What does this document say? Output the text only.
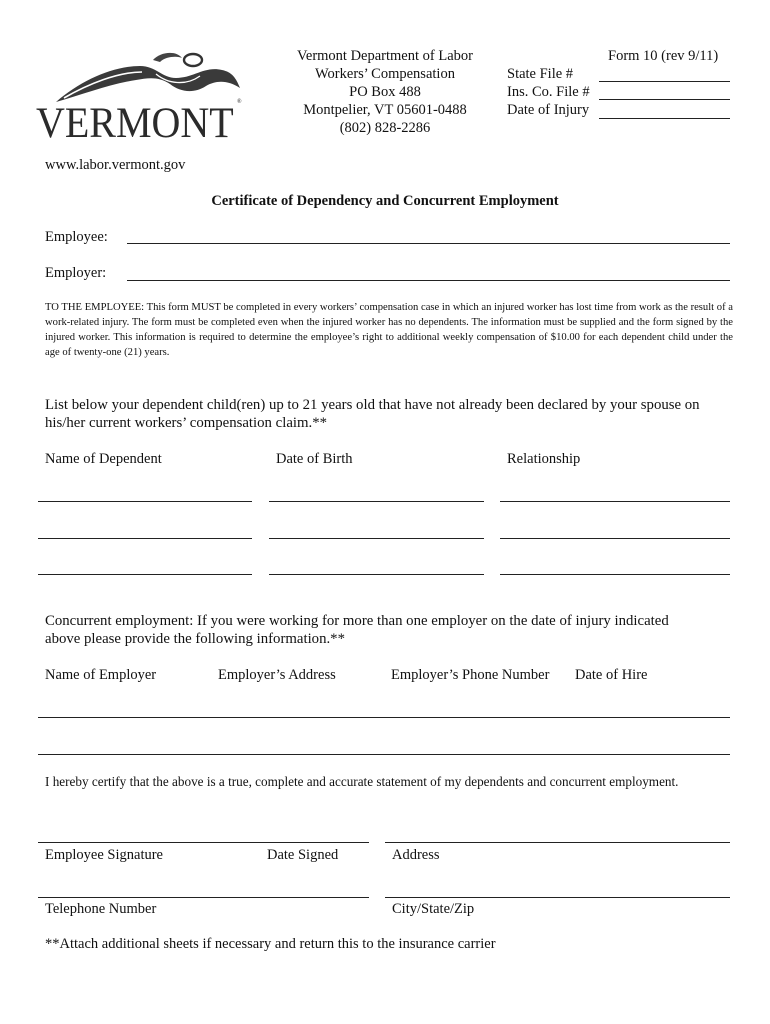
VERMONT ®
Vermont Department of Labor
Workers’ Compensation
PO Box 488
Montpelier, VT 05601-0488
(802) 828-2286
Form 10 (rev 9/11)
State File #
Ins. Co. File #
Date of Injury
www.labor.vermont.gov
Certificate of Dependency and Concurrent Employment
Employee:
Employer:
TO THE EMPLOYEE: This form MUST be completed in every workers’ compensation case in which an injured worker has lost time from work as the result of a work-related injury. The form must be completed even when the injured worker has no dependents. The information must be supplied and the form signed by the injured worker. This information is required to determine the employee’s right to additional weekly compensation of $10.00 for each dependent child under the age of twenty-one (21) years.
List below your dependent child(ren) up to 21 years old that have not already been declared by your spouse on
his/her current workers’ compensation claim.**
Name of Dependent	Date of Birth	Relationship
Concurrent employment: If you were working for more than one employer on the date of injury indicated
above please provide the following information.**
Name of Employer	Employer’s Address	Employer’s Phone Number Date of Hire
I hereby certify that the above is a true, complete and accurate statement of my dependents and concurrent employment.
Employee Signature	Date Signed	Address
Telephone Number	City/State/Zip
**Attach additional sheets if necessary and return this to the insurance carrier
